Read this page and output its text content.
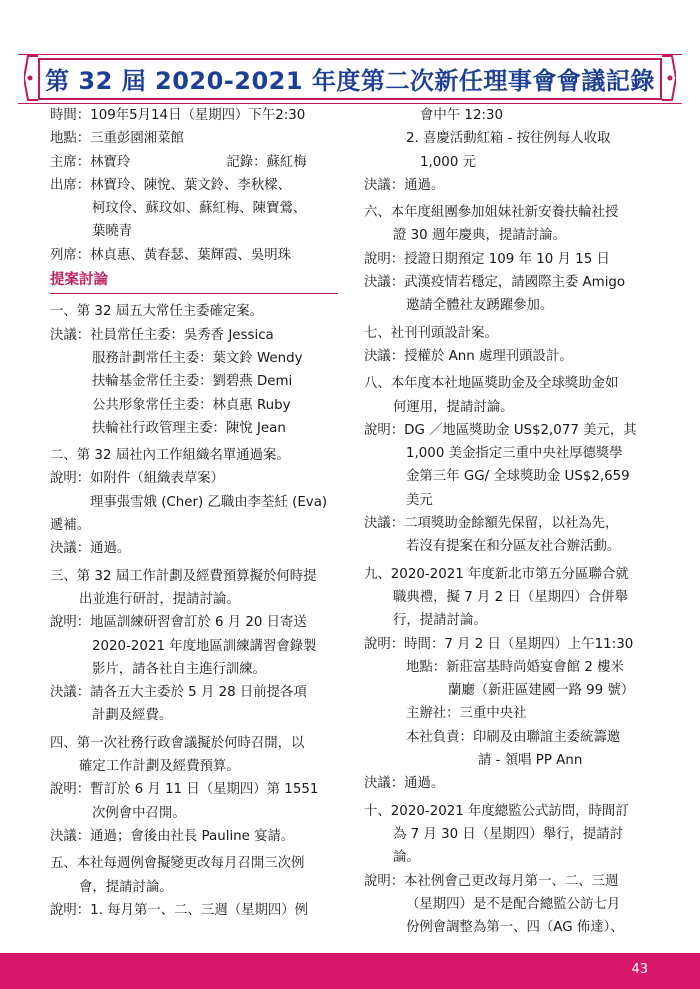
第 32 屆 2020-2021 年度第二次新任理事會會議記錄
時間：109年5月14日（星期四）下午2:30
地點：三重彭園湘菜館
主席：林寶玲	記錄：蘇紅梅
出席：林寶玲、陳悅、葉文鈴、李秋樑、
柯玟伶、蘇玟如、蘇紅梅、陳寶鶯、
葉曉青
列席：林貞惠、黃春瑟、葉輝霞、吳明珠
提案討論
一、第 32 屆五大常任主委確定案。
決議：社員常任主委：吳秀香 Jessica
服務計劃常任主委：葉文鈴 Wendy
扶輪基金常任主委：劉碧燕 Demi
公共形象常任主委：林貞惠 Ruby
扶輪社行政管理主委：陳悅 Jean
二、第 32 屆社內工作組織名單通過案。
說明：如附件（組織表草案）
理事張雪娥 (Cher) 乙職由李荃紝 (Eva)
遞補。
決議：通過。
三、第 32 屆工作計劃及經費預算擬於何時提
出並進行研討，提請討論。
說明：地區訓練研習會訂於 6 月 20 日寄送
2020-2021 年度地區訓練講習會錄製
影片，請各社自主進行訓練。
決議：請各五大主委於 5 月 28 日前提各項
計劃及經費。
四、第一次社務行政會議擬於何時召開，以
確定工作計劃及經費預算。
說明：暫訂於 6 月 11 日（星期四）第 1551
次例會中召開。
決議：通過；會後由社長 Pauline 宴請。
五、本社每週例會擬變更改每月召開三次例
會，提請討論。
說明：1. 每月第一、二、三週（星期四）例
會中午 12:30
2. 喜慶活動紅箱 - 按往例每人收取
1,000 元
決議：通過。
六、本年度組團參加姐妹社新安養扶輪社授
證 30 週年慶典，提請討論。
說明：授證日期預定 109 年 10 月 15 日
決議：武漢疫情若穩定，請國際主委 Amigo
邀請全體社友踴躍參加。
七、社刊刊頭設計案。
決議：授權於 Ann 處理刊頭設計。
八、本年度本社地區獎助金及全球獎助金如
何運用，提請討論。
說明：DG ／地區獎助金 US$2,077 美元，其
1,000 美金指定三重中央社厚德獎學
金第三年 GG/ 全球獎助金 US$2,659
美元
決議：二項獎助金餘額先保留，以社為先，
若沒有提案在和分區友社合辦活動。
九、2020-2021 年度新北市第五分區聯合就
職典禮，擬 7 月 2 日（星期四）合併舉
行，提請討論。
說明：時間：7 月 2 日（星期四）上午11:30
地點：新莊富基時尚婚宴會館 2 樓米
蘭廳（新莊區建國一路 99 號）
主辦社：三重中央社
本社負責：印刷及由聯誼主委統籌邀
請 - 領唱 PP Ann
決議：通過。
十、2020-2021 年度總監公式訪問，時間訂
為 7 月 30 日（星期四）舉行，提請討
論。
說明：本社例會己更改每月第一、二、三週
（星期四）是不是配合總監公訪七月
份例會調整為第一、四（AG 佈達）、
43
